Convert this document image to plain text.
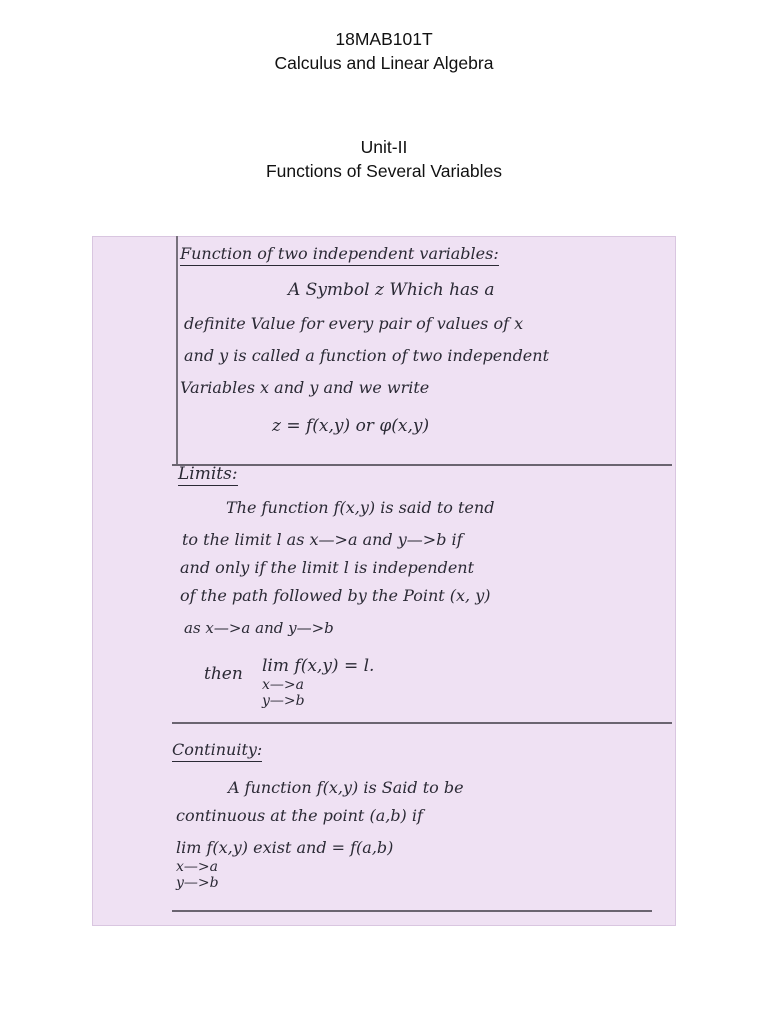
18MAB101T
Calculus and Linear Algebra
Unit-II
Functions of Several Variables
Function of two independent variables:
A Symbol z Which has a
definite Value for every pair of values of x
and y is called a function of two independent
Variables x and y and we write
z = f(x,y) or φ(x,y)
Limits:
The function f(x,y) is said to tend
to the limit l as x—>a and y—>b if
and only if the limit l is independent
of the path followed by the Point (x, y)
as x—>a and y—>b
then lim f(x,y) = l.
x—>a
y—>b
Continuity:
A function f(x,y) is Said to be
continuous at the point (a,b) if
lim f(x,y) exist and = f(a,b)
x—>a
y—>b
